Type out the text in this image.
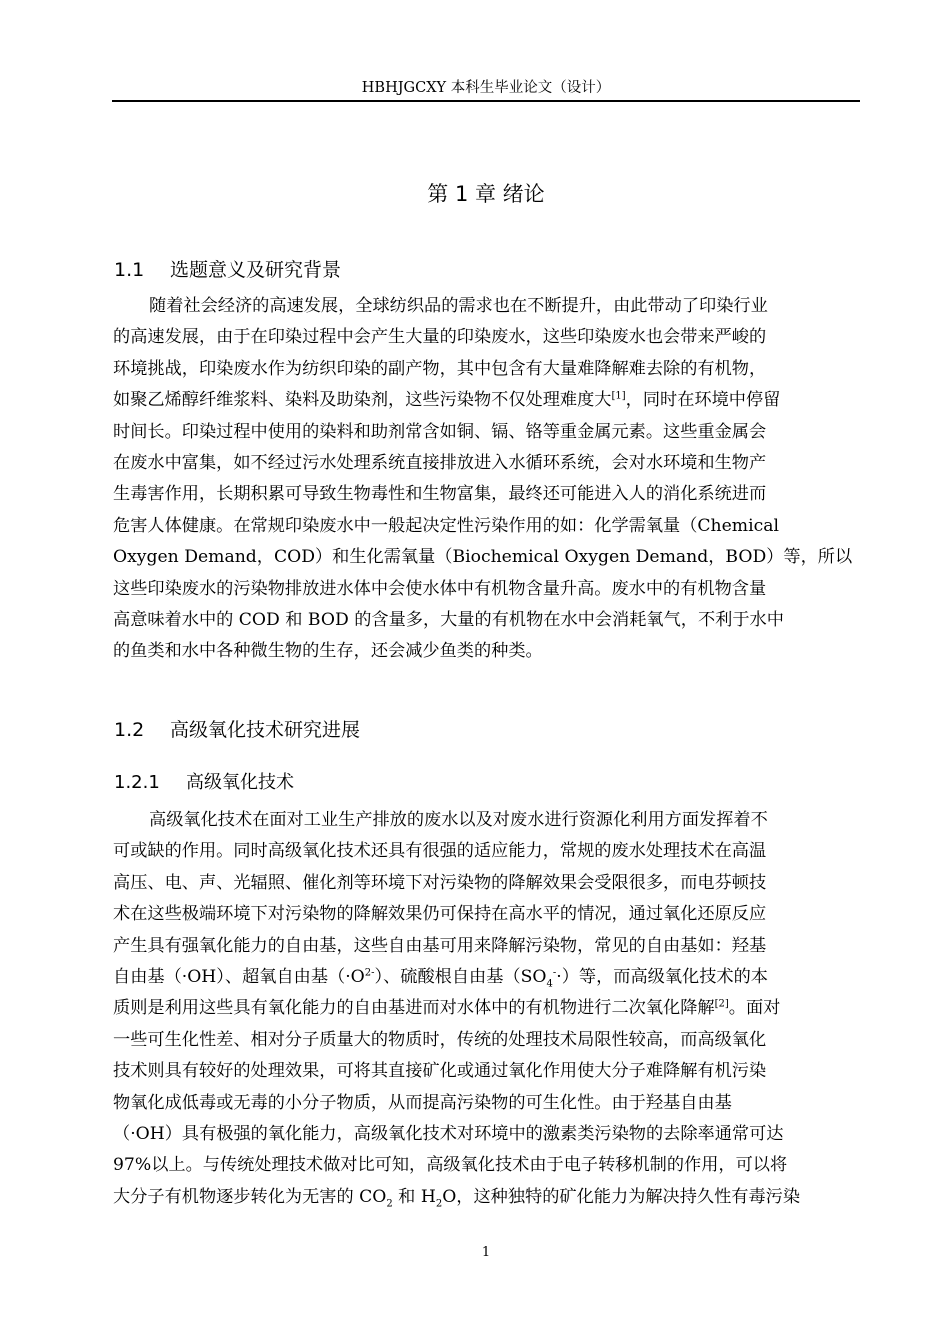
HBHJGCXY 本科生毕业论文（设计）
第 1 章 绪论
1.1 选题意义及研究背景
随着社会经济的高速发展，全球纺织品的需求也在不断提升，由此带动了印染行业
的高速发展，由于在印染过程中会产生大量的印染废水，这些印染废水也会带来严峻的
环境挑战，印染废水作为纺织印染的副产物，其中包含有大量难降解难去除的有机物，
如聚乙烯醇纤维浆料、染料及助染剂，这些污染物不仅处理难度大[1]，同时在环境中停留
时间长。印染过程中使用的染料和助剂常含如铜、镉、铬等重金属元素。这些重金属会
在废水中富集，如不经过污水处理系统直接排放进入水循环系统，会对水环境和生物产
生毒害作用，长期积累可导致生物毒性和生物富集，最终还可能进入人的消化系统进而
危害人体健康。在常规印染废水中一般起决定性污染作用的如：化学需氧量（Chemical
Oxygen Demand，COD）和生化需氧量（Biochemical Oxygen Demand，BOD）等，所以
这些印染废水的污染物排放进水体中会使水体中有机物含量升高。废水中的有机物含量
高意味着水中的 COD 和 BOD 的含量多，大量的有机物在水中会消耗氧气，不利于水中
的鱼类和水中各种微生物的生存，还会减少鱼类的种类。
1.2 高级氧化技术研究进展
1.2.1 高级氧化技术
高级氧化技术在面对工业生产排放的废水以及对废水进行资源化利用方面发挥着不
可或缺的作用。同时高级氧化技术还具有很强的适应能力，常规的废水处理技术在高温
高压、电、声、光辐照、催化剂等环境下对污染物的降解效果会受限很多，而电芬顿技
术在这些极端环境下对污染物的降解效果仍可保持在高水平的情况，通过氧化还原反应
产生具有强氧化能力的自由基，这些自由基可用来降解污染物，常见的自由基如：羟基
自由基（·OH）、超氧自由基$(\cdot O^{2-})$、硫酸根自由基$(SO_4^-\cdot)$等，而高级氧化技术的本
质则是利用这些具有氧化能力的自由基进而对水体中的有机物进行二次氧化降解[2]。面对
一些可生化性差、相对分子质量大的物质时，传统的处理技术局限性较高，而高级氧化
技术则具有较好的处理效果，可将其直接矿化或通过氧化作用使大分子难降解有机污染
物氧化成低毒或无毒的小分子物质，从而提高污染物的可生化性。由于羟基自由基
（·OH）具有极强的氧化能力，高级氧化技术对环境中的激素类污染物的去除率通常可达
97%以上。与传统处理技术做对比可知，高级氧化技术由于电子转移机制的作用，可以将
大分子有机物逐步转化为无害的 $CO_2$ 和 $H_2O$，这种独特的矿化能力为解决持久性有毒污染
1
